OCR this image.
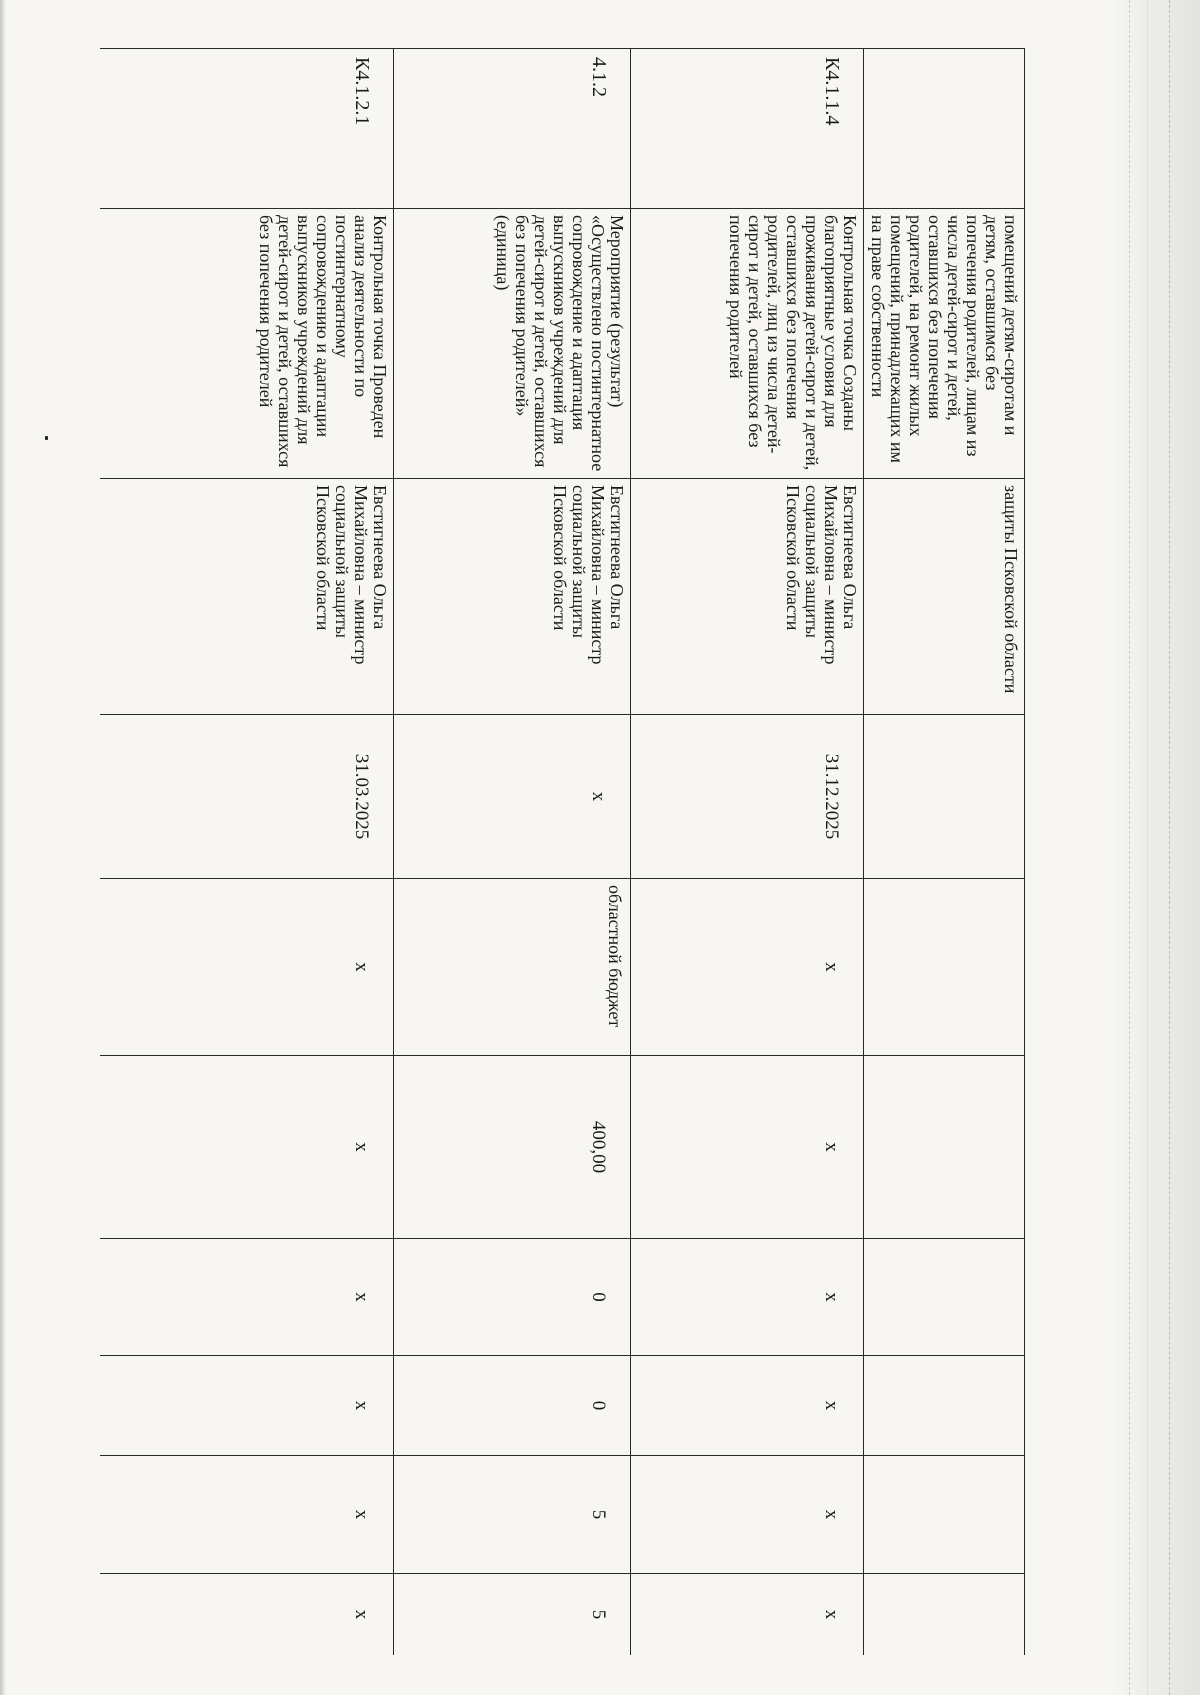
	помещений детям-сиротам и детям, оставшимся без попечения родителей, лицам из числа детей-сирот и детей, оставшихся без попечения родителей, на ремонт жилых помещений, принадлежащих им на праве собственности	защиты Псковской области							
К4.1.1.4	Контрольная точка Созданы благоприятные условия для проживания детей-сирот и детей, оставшихся без попечения родителей, лиц из числа детей-сирот и детей, оставшихся без попечения родителей	Евстигнеева Ольга Михайловна – министр социальной защиты Псковской области	31.12.2025	х	х	х	х	х	х
4.1.2	Мероприятие (результат) «Осуществлено постинтернатное сопровождение и адаптация выпускников учреждений для детей-сирот и детей, оставшихся без попечения родителей» (единица)	Евстигнеева Ольга Михайловна – министр социальной защиты Псковской области	х	областной бюджет	400,00	0	0	5	5
К4.1.2.1	Контрольная точка Проведен анализ деятельности по постинтернатному сопровождению и адаптации выпускников учреждений для детей-сирот и детей, оставшихся без попечения родителей	Евстигнеева Ольга Михайловна – министр социальной защиты Псковской области	31.03.2025	х	х	х	х	х	х
